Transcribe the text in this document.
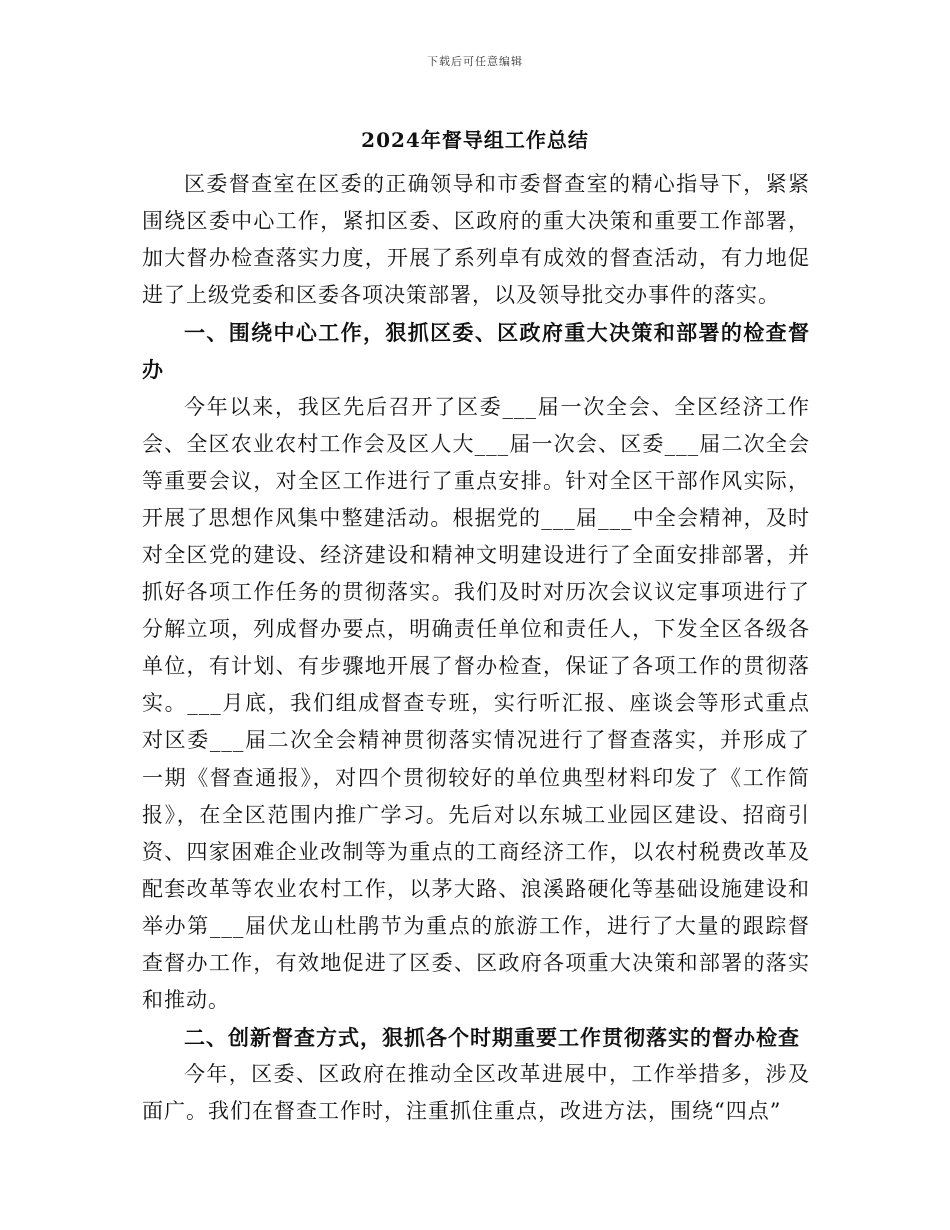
下载后可任意编辑
2024年督导组工作总结

区委督查室在区委的正确领导和市委督查室的精心指导下，紧紧围绕区委中心工作，紧扣区委、区政府的重大决策和重要工作部署，加大督办检查落实力度，开展了系列卓有成效的督查活动，有力地促进了上级党委和区委各项决策部署，以及领导批交办事件的落实。

一、围绕中心工作，狠抓区委、区政府重大决策和部署的检查督办

今年以来，我区先后召开了区委___届一次全会、全区经济工作会、全区农业农村工作会及区人大___届一次会、区委___届二次全会等重要会议，对全区工作进行了重点安排。针对全区干部作风实际，开展了思想作风集中整建活动。根据党的___届___中全会精神，及时对全区党的建设、经济建设和精神文明建设进行了全面安排部署，并抓好各项工作任务的贯彻落实。我们及时对历次会议议定事项进行了分解立项，列成督办要点，明确责任单位和责任人，下发全区各级各单位，有计划、有步骤地开展了督办检查，保证了各项工作的贯彻落实。___月底，我们组成督查专班，实行听汇报、座谈会等形式重点对区委___届二次全会精神贯彻落实情况进行了督查落实，并形成了一期《督查通报》，对四个贯彻较好的单位典型材料印发了《工作简报》，在全区范围内推广学习。先后对以东城工业园区建设、招商引资、四家困难企业改制等为重点的工商经济工作，以农村税费改革及配套改革等农业农村工作，以茅大路、浪溪路硬化等基础设施建设和举办第___届伏龙山杜鹃节为重点的旅游工作，进行了大量的跟踪督查督办工作，有效地促进了区委、区政府各项重大决策和部署的落实和推动。

二、创新督查方式，狠抓各个时期重要工作贯彻落实的督办检查

今年，区委、区政府在推动全区改革进展中，工作举措多，涉及面广。我们在督查工作时，注重抓住重点，改进方法，围绕“四点”
